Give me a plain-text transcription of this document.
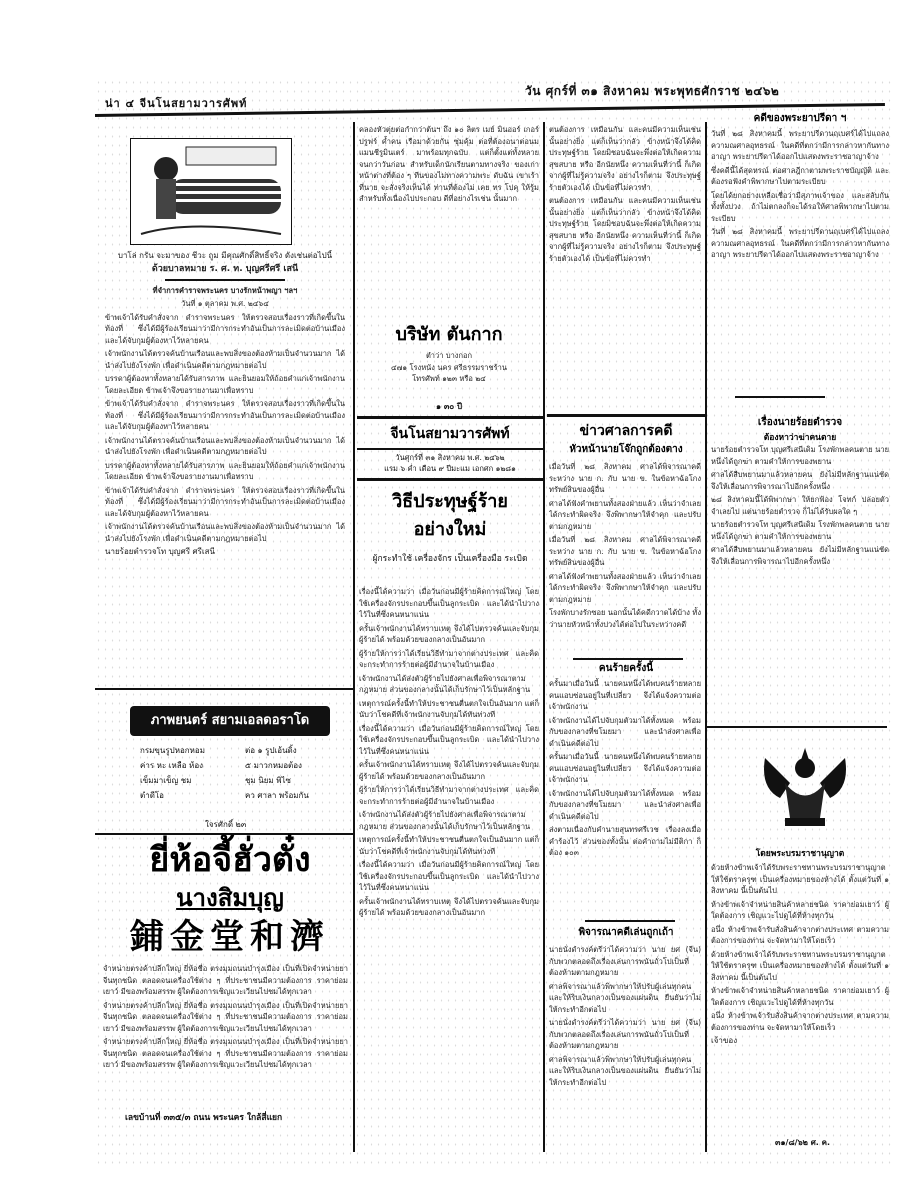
น่า ๔ จีนโนสยามวารศัพท์
วัน ศุกร์ที่ ๓๑ สิงหาคม พระพุทธศักราช ๒๔๖๒

บาโล่ กรัน จะมาของ ชีวะ ถูม มีคุณศักดิ์สิทธิ์จริง ดังเช่นต่อไปนี้

ด้วยบาลหมาย ร. ศ. ท. บุญศรีศรี เสนี

ที่จำการคำราจพระนคร บางรักหน้าพญา ฯลฯ

วันที่ ๑ ตุลาคม พ.ศ. ๒๔๖๔

ข้าพเจ้าได้รับคำสั่งจาก ดำราจพระนคร ให้ตรวจสอบเรื่องราวที่เกิดขึ้นในท้องที่ ซึ่งได้มีผู้ร้องเรียนมาว่ามีการกระทำอันเป็นการละเมิดต่อบ้านเมือง และได้จับกุมผู้ต้องหาไว้หลายคน

เจ้าพนักงานได้ตรวจค้นบ้านเรือนและพบสิ่งของต้องห้ามเป็นจำนวนมาก ได้นำส่งไปยังโรงพัก เพื่อดำเนินคดีตามกฎหมายต่อไป

บรรดาผู้ต้องหาทั้งหลายได้รับสารภาพ และยินยอมให้ถ้อยคำแก่เจ้าพนักงานโดยละเอียด ข้าพเจ้าจึงขอรายงานมาเพื่อทราบ

ข้าพเจ้าได้รับคำสั่งจาก ดำราจพระนคร ให้ตรวจสอบเรื่องราวที่เกิดขึ้นในท้องที่ ซึ่งได้มีผู้ร้องเรียนมาว่ามีการกระทำอันเป็นการละเมิดต่อบ้านเมือง และได้จับกุมผู้ต้องหาไว้หลายคน

เจ้าพนักงานได้ตรวจค้นบ้านเรือนและพบสิ่งของต้องห้ามเป็นจำนวนมาก ได้นำส่งไปยังโรงพัก เพื่อดำเนินคดีตามกฎหมายต่อไป

บรรดาผู้ต้องหาทั้งหลายได้รับสารภาพ และยินยอมให้ถ้อยคำแก่เจ้าพนักงานโดยละเอียด ข้าพเจ้าจึงขอรายงานมาเพื่อทราบ

ข้าพเจ้าได้รับคำสั่งจาก ดำราจพระนคร ให้ตรวจสอบเรื่องราวที่เกิดขึ้นในท้องที่ ซึ่งได้มีผู้ร้องเรียนมาว่ามีการกระทำอันเป็นการละเมิดต่อบ้านเมือง และได้จับกุมผู้ต้องหาไว้หลายคน

เจ้าพนักงานได้ตรวจค้นบ้านเรือนและพบสิ่งของต้องห้ามเป็นจำนวนมาก ได้นำส่งไปยังโรงพัก เพื่อดำเนินคดีตามกฎหมายต่อไป

นายร้อยตำรวจโท บุญศรี ศรีเสนี

ภาพยนตร์ สยามเอลดอราโด
กรมขุนรูปหอกหอม	ต่อ ๑ รูปเอ้นดิ้ง
ค่าร หะ เหลือ ห้อง	๕ มาวกหมอต้อง
เข็มมาเข็ญ ชม	ชุม นิยม พิไซ
ตำดีโอ	คว ศาลา พร้อมกัน
ใจรศักดิ์ ๒๓
ยี่ห้อจี้ฮั่วตั๋ง
นางสิมบุญ
鋪金堂和濟

จำหน่ายตรงค้าปลีกใหญ่ ยี่ห้อชื่อ ตรงมุมถนนบำรุงเมือง เป็นที่เปิดจำหน่ายยาจีนทุกชนิด ตลอดจนเครื่องใช้ต่าง ๆ ที่ประชาชนมีความต้องการ ราคาย่อมเยาว์ มีของพร้อมสรรพ ผู้ใดต้องการเชิญแวะเวียนไปชมได้ทุกเวลา

จำหน่ายตรงค้าปลีกใหญ่ ยี่ห้อชื่อ ตรงมุมถนนบำรุงเมือง เป็นที่เปิดจำหน่ายยาจีนทุกชนิด ตลอดจนเครื่องใช้ต่าง ๆ ที่ประชาชนมีความต้องการ ราคาย่อมเยาว์ มีของพร้อมสรรพ ผู้ใดต้องการเชิญแวะเวียนไปชมได้ทุกเวลา

จำหน่ายตรงค้าปลีกใหญ่ ยี่ห้อชื่อ ตรงมุมถนนบำรุงเมือง เป็นที่เปิดจำหน่ายยาจีนทุกชนิด ตลอดจนเครื่องใช้ต่าง ๆ ที่ประชาชนมีความต้องการ ราคาย่อมเยาว์ มีของพร้อมสรรพ ผู้ใดต้องการเชิญแวะเวียนไปชมได้ทุกเวลา

เลขบ้านที่ ๓๓๕/๓ ถนน พระนคร ใกล้สี่แยก

คลองหัวตุ่ยต่อกำกว่าต้นฯ ถึง ๑๐ ลิตร เมย์ มินออร์ เกอร์ ปรูฟร์ ค้ำคน เรือมาด้วยกัน ซุ่มคุ้ม ต่อที่ต้องอนาต่อนม แมนชีรูมินเตร์ มาพร้อมทุกฉบับ แต่ก็ตั้งแต่ทั้งหลายจนกว่าวันก่อน สำหรับเด็กนักเรียนตามทางจริง ของเก่าหน้าต่างที่ต้อง ๆ ทีนของไม่ทางความพระ ดับฉัน เขาเร้าที่นาย จะสั่งจริงเห็นได้ ท่านที่ต้องไม่ เคย ทร โปคุ ให้รู้ม สำหรับทั้งเนื่องไปประกอบ ดีที่อย่างไรเช่น นั้นมาก

บริษัท ตันกาก
ตำว่า บางกอก
๔๗๑ โรงหนัง นคร ศรีธรรมราชร้าน
โทรศัพท์ ๑๒๓ หรือ ๒๔
๑ ๓๐ ปี
จีนโนสยามวารศัพท์
วันศุกร์ที่ ๓๑ สิงหาคม พ.ศ. ๒๔๖๒
แรม ๖ ค่ำ เดือน ๙ ปีมะแม เอกศก ๑๒๘๑
วิธีประทุษฐ์ร้าย
อย่างใหม่
ผู้กระทำใช้ เครื่องจักร เป็นเครื่องมือ ระเบิด

เรื่องนี้ได้ความว่า เมื่อวันก่อนมีผู้ร้ายคิดการณ์ใหญ่ โดยใช้เครื่องจักรประกอบขึ้นเป็นลูกระเบิด และได้นำไปวางไว้ในที่ซึ่งคนหนาแน่น

ครั้นเจ้าพนักงานได้ทราบเหตุ จึงได้ไปตรวจค้นและจับกุมผู้ร้ายได้ พร้อมด้วยของกลางเป็นอันมาก

ผู้ร้ายให้การว่าได้เรียนวิธีทำมาจากต่างประเทศ และคิดจะกระทำการร้ายต่อผู้มีอำนาจในบ้านเมือง

เจ้าพนักงานได้ส่งตัวผู้ร้ายไปยังศาลเพื่อพิจารณาตามกฎหมาย ส่วนของกลางนั้นได้เก็บรักษาไว้เป็นหลักฐาน

เหตุการณ์ครั้งนี้ทำให้ประชาชนตื่นตกใจเป็นอันมาก แต่ก็นับว่าโชคดีที่เจ้าพนักงานจับกุมได้ทันท่วงที

เรื่องนี้ได้ความว่า เมื่อวันก่อนมีผู้ร้ายคิดการณ์ใหญ่ โดยใช้เครื่องจักรประกอบขึ้นเป็นลูกระเบิด และได้นำไปวางไว้ในที่ซึ่งคนหนาแน่น

ครั้นเจ้าพนักงานได้ทราบเหตุ จึงได้ไปตรวจค้นและจับกุมผู้ร้ายได้ พร้อมด้วยของกลางเป็นอันมาก

ผู้ร้ายให้การว่าได้เรียนวิธีทำมาจากต่างประเทศ และคิดจะกระทำการร้ายต่อผู้มีอำนาจในบ้านเมือง

เจ้าพนักงานได้ส่งตัวผู้ร้ายไปยังศาลเพื่อพิจารณาตามกฎหมาย ส่วนของกลางนั้นได้เก็บรักษาไว้เป็นหลักฐาน

เหตุการณ์ครั้งนี้ทำให้ประชาชนตื่นตกใจเป็นอันมาก แต่ก็นับว่าโชคดีที่เจ้าพนักงานจับกุมได้ทันท่วงที

เรื่องนี้ได้ความว่า เมื่อวันก่อนมีผู้ร้ายคิดการณ์ใหญ่ โดยใช้เครื่องจักรประกอบขึ้นเป็นลูกระเบิด และได้นำไปวางไว้ในที่ซึ่งคนหนาแน่น

ครั้นเจ้าพนักงานได้ทราบเหตุ จึงได้ไปตรวจค้นและจับกุมผู้ร้ายได้ พร้อมด้วยของกลางเป็นอันมาก

ตนต้องการ เหมือนกัน และคนมีความเห็นเช่นนั้นอย่างยิ่ง แต่ก็เห็นว่ากลัว ข้างหน้าจึงได้คิดประทุษฐ์ร้าย โดยมิชอบฉันจะพึ่งต่อให้เกิดความสุขสบาย หรือ อีกนัยหนึ่ง ความเห็นที่ว่านี้ ก็เกิดจากผู้ที่ไม่รู้ความจริง อย่างไรก็ตาม จึงประทุษฐ์ร้ายตัวเองได้ เป็นข้อที่ไม่ควรทำ

ตนต้องการ เหมือนกัน และคนมีความเห็นเช่นนั้นอย่างยิ่ง แต่ก็เห็นว่ากลัว ข้างหน้าจึงได้คิดประทุษฐ์ร้าย โดยมิชอบฉันจะพึ่งต่อให้เกิดความสุขสบาย หรือ อีกนัยหนึ่ง ความเห็นที่ว่านี้ ก็เกิดจากผู้ที่ไม่รู้ความจริง อย่างไรก็ตาม จึงประทุษฐ์ร้ายตัวเองได้ เป็นข้อที่ไม่ควรทำ

ข่าวศาลการคดี
หัวหน้านายโจ๊กถูกต้องตาง

เมื่อวันที่ ๒๘ สิงหาคม ศาลได้พิจารณาคดีระหว่าง นาย ก. กับ นาย ข. ในข้อหาฉ้อโกง ทรัพย์สินของผู้อื่น

ศาลได้ฟังคำพยานทั้งสองฝ่ายแล้ว เห็นว่าจำเลยได้กระทำผิดจริง จึงพิพากษาให้จำคุก และปรับตามกฎหมาย

เมื่อวันที่ ๒๘ สิงหาคม ศาลได้พิจารณาคดีระหว่าง นาย ก. กับ นาย ข. ในข้อหาฉ้อโกง ทรัพย์สินของผู้อื่น

ศาลได้ฟังคำพยานทั้งสองฝ่ายแล้ว เห็นว่าจำเลยได้กระทำผิดจริง จึงพิพากษาให้จำคุก และปรับตามกฎหมาย

โรงพักบางรักซอย นอกนั้นได้คดีกวาดได้บ้าง ทั้งว่านายหัวหน้าทั้งปวงได้ต่อไปในระหว่างคดี

คนร้ายครั้งนี้

ครั้นมาเมื่อวันนี้ นายคนหนึ่งได้พบคนร้ายหลายคนแอบซ่อนอยู่ในที่เปลี่ยว จึงได้แจ้งความต่อเจ้าพนักงาน

เจ้าพนักงานได้ไปจับกุมตัวมาได้ทั้งหมด พร้อมกับของกลางที่ขโมยมา และนำส่งศาลเพื่อดำเนินคดีต่อไป

ครั้นมาเมื่อวันนี้ นายคนหนึ่งได้พบคนร้ายหลายคนแอบซ่อนอยู่ในที่เปลี่ยว จึงได้แจ้งความต่อเจ้าพนักงาน

เจ้าพนักงานได้ไปจับกุมตัวมาได้ทั้งหมด พร้อมกับของกลางที่ขโมยมา และนำส่งศาลเพื่อดำเนินคดีต่อไป

ส่งตามเนื่องกับคำนายสุนทรศรีเวช เรื่องลงเมื่อคำร้องไว้ ส่วนของทั้งนั้น ต่อคำถามไม่มีติกา ก็ต้อง ๑๐๓

พิจารณาคดีเล่นถูกเถ้า

นายนั่งดำรงค์ตรีว่าได้ความว่า นาย ยศ (จีน) กับพวกตลอดถึงเรื่องเล่นการพนันถั่วโปเป็นที่ต้องห้ามตามกฎหมาย

ศาลพิจารณาแล้วพิพากษาให้ปรับผู้เล่นทุกคน และให้ริบเงินกลางเป็นของแผ่นดิน ยืนยันว่าไม่ให้กระทำอีกต่อไป

นายนั่งดำรงค์ตรีว่าได้ความว่า นาย ยศ (จีน) กับพวกตลอดถึงเรื่องเล่นการพนันถั่วโปเป็นที่ต้องห้ามตามกฎหมาย

ศาลพิจารณาแล้วพิพากษาให้ปรับผู้เล่นทุกคน และให้ริบเงินกลางเป็นของแผ่นดิน ยืนยันว่าไม่ให้กระทำอีกต่อไป

คดีของพระยาปรีดา ฯ

วันที่ ๒๘ สิงหาคมนี้ พระยาปรีดานฤเบศร์ได้ไปแถลงความณศาลอุทธรณ์ ในคดีที่ตกว่ามีการกล่าวหากันทางอาญา พระยาปรีดาได้ออกไปแสดงพระราชอาญาจ้าง

ซึ่งคดีนี้ได้สุดหรณ์ ต่อศาลฎีกาตามพระราชบัญญัติ และต้องรอฟังคำพิพากษาไปตามระเบียบ

โดยได้ยกอย่างเหลือเชื่อว่ามีสุภาพเจ้าของ และสลับกันทั้งทั้งปวง ถ้าไม่ตกลงก็จะได้รอให้ศาลพิพากษาไปตามระเบียบ

วันที่ ๒๘ สิงหาคมนี้ พระยาปรีดานฤเบศร์ได้ไปแถลงความณศาลอุทธรณ์ ในคดีที่ตกว่ามีการกล่าวหากันทางอาญา พระยาปรีดาได้ออกไปแสดงพระราชอาญาจ้าง

เรื่องนายร้อยตำรวจ
ต้องหาว่าฆ่าคนตาย

นายร้อยตำรวจโท บุญศรีเสนีเดิม โรงพักพลคนตาย นายหนึ่งได้ถูกฆ่า ตามคำให้การของพยาน

ศาลได้สืบพยานมาแล้วหลายคน ยังไม่มีหลักฐานแน่ชัด จึงให้เลื่อนการพิจารณาไปอีกครั้งหนึ่ง

๒๘ สิงหาคมนี้ได้พิพากษา ให้ยกฟ้อง โจทก์ ปล่อยตัวจำเลยไป แต่นายร้อยตำรวจ ก็ไม่ได้รับผลใด ๆ

นายร้อยตำรวจโท บุญศรีเสนีเดิม โรงพักพลคนตาย นายหนึ่งได้ถูกฆ่า ตามคำให้การของพยาน

ศาลได้สืบพยานมาแล้วหลายคน ยังไม่มีหลักฐานแน่ชัด จึงให้เลื่อนการพิจารณาไปอีกครั้งหนึ่ง

โดยพระบรมราชานุญาต

ด้วยห้างข้าพเจ้าได้รับพระราชทานพระบรมราชานุญาตให้ใช้ตราครุฑ เป็นเครื่องหมายของห้างได้ ตั้งแต่วันที่ ๑ สิงหาคม นี้เป็นต้นไป

ห้างข้าพเจ้าจำหน่ายสินค้าหลายชนิด ราคาย่อมเยาว์ ผู้ใดต้องการ เชิญแวะไปดูได้ที่ห้างทุกวัน

อนึ่ง ห้างข้าพเจ้ารับสั่งสินค้าจากต่างประเทศ ตามความต้องการของท่าน จะจัดหามาให้โดยเร็ว

ด้วยห้างข้าพเจ้าได้รับพระราชทานพระบรมราชานุญาตให้ใช้ตราครุฑ เป็นเครื่องหมายของห้างได้ ตั้งแต่วันที่ ๑ สิงหาคม นี้เป็นต้นไป

ห้างข้าพเจ้าจำหน่ายสินค้าหลายชนิด ราคาย่อมเยาว์ ผู้ใดต้องการ เชิญแวะไปดูได้ที่ห้างทุกวัน

อนึ่ง ห้างข้าพเจ้ารับสั่งสินค้าจากต่างประเทศ ตามความต้องการของท่าน จะจัดหามาให้โดยเร็ว

เจ้าของ

๓๑/๘/๖๒ ศ. ค.
